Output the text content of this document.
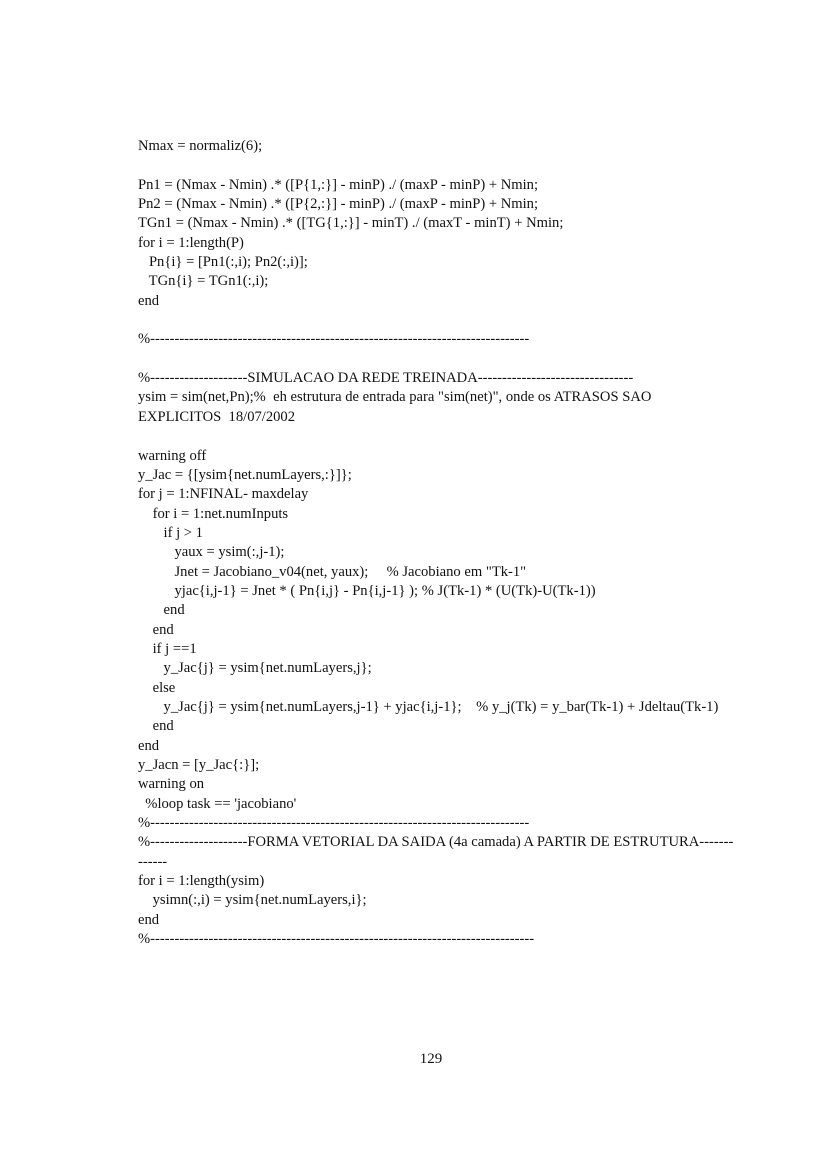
Nmax = normaliz(6);
Pn1 = (Nmax - Nmin) .* ([P{1,:}] - minP) ./ (maxP - minP) + Nmin;
Pn2 = (Nmax - Nmin) .* ([P{2,:}] - minP) ./ (maxP - minP) + Nmin;
TGn1 = (Nmax - Nmin) .* ([TG{1,:}] - minT) ./ (maxT - minT) + Nmin;
for i = 1:length(P)
Pn{i} = [Pn1(:,i); Pn2(:,i)];
TGn{i} = TGn1(:,i);
end
%------------------------------------------------------------------------------
%--------------------SIMULACAO DA REDE TREINADA--------------------------------
ysim = sim(net,Pn);%  eh estrutura de entrada para "sim(net)", onde os ATRASOS SAO EXPLICITOS  18/07/2002
warning off
y_Jac = {[ysim{net.numLayers,:}]};
for j = 1:NFINAL- maxdelay
for i = 1:net.numInputs
if j > 1
yaux = ysim(:,j-1);
Jnet = Jacobiano_v04(net, yaux);     % Jacobiano em "Tk-1"
yjac{i,j-1} = Jnet * ( Pn{i,j} - Pn{i,j-1} ); % J(Tk-1) * (U(Tk)-U(Tk-1))
end
end
if j ==1
y_Jac{j} = ysim{net.numLayers,j};
else
y_Jac{j} = ysim{net.numLayers,j-1} + yjac{i,j-1};    % y_j(Tk) = y_bar(Tk-1) + Jdeltau(Tk-1)
end
end
y_Jacn = [y_Jac{:}];
warning on
%loop task == 'jacobiano'
%------------------------------------------------------------------------------
%--------------------FORMA VETORIAL DA SAIDA (4a camada) A PARTIR DE ESTRUTURA-------------
for i = 1:length(ysim)
ysimn(:,i) = ysim{net.numLayers,i};
end
%-------------------------------------------------------------------------------
129
